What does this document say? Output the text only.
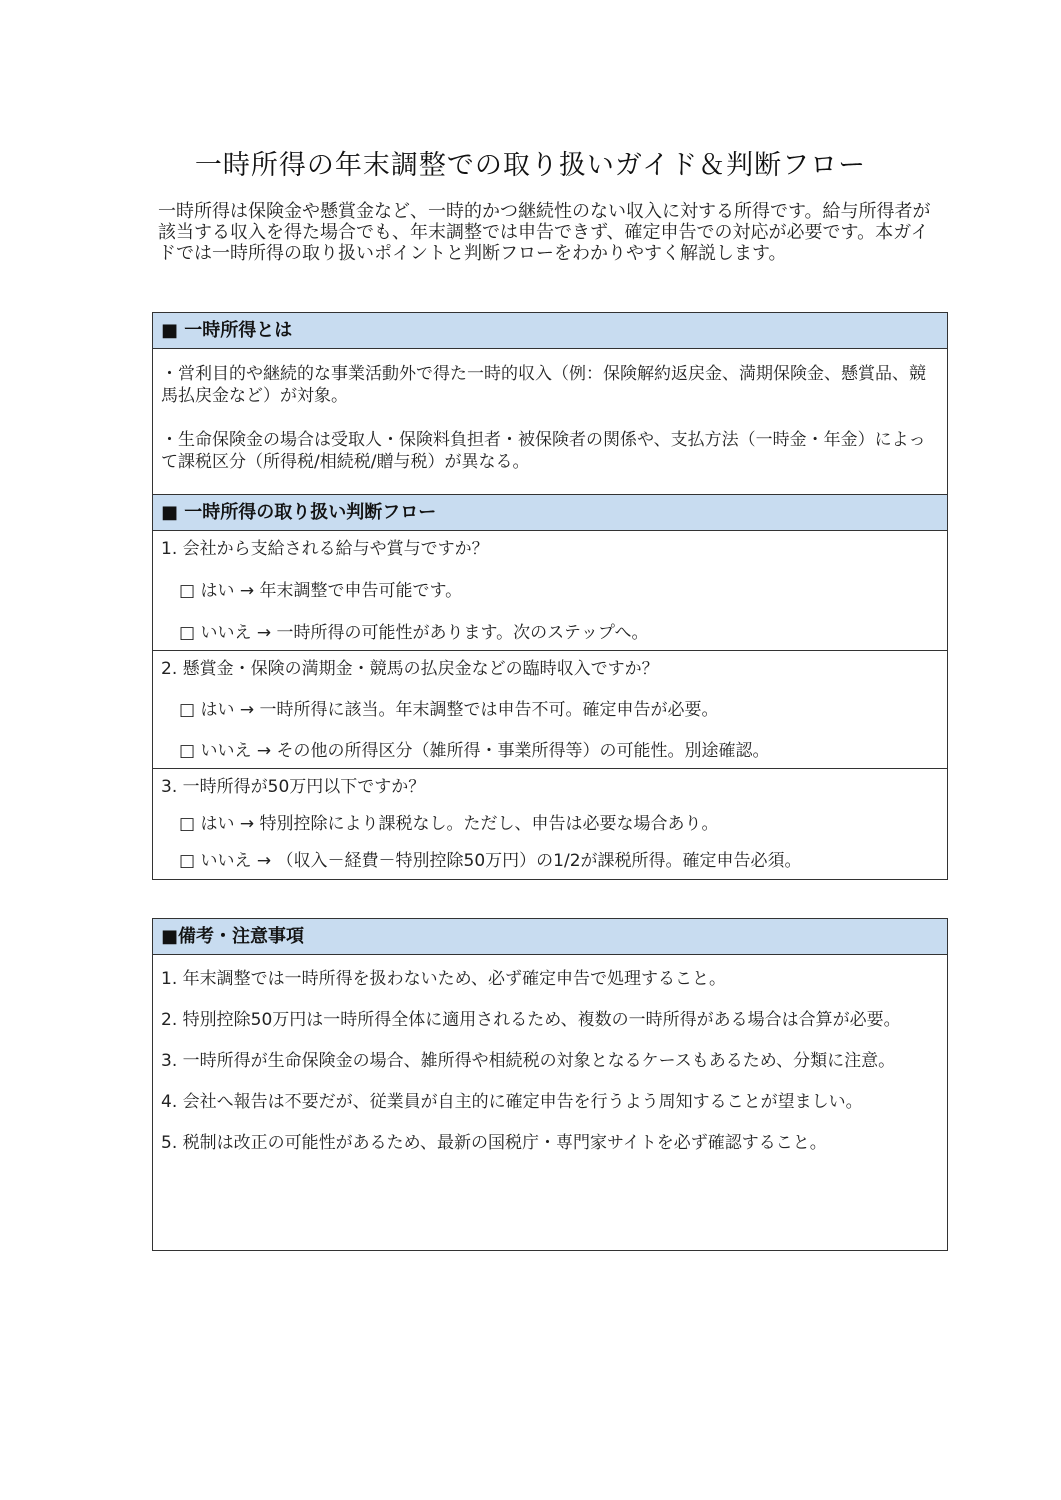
一時所得の年末調整での取り扱いガイド＆判断フロー
一時所得は保険金や懸賞金など、一時的かつ継続性のない収入に対する所得です。給与所得者が該当する収入を得た場合でも、年末調整では申告できず、確定申告での対応が必要です。本ガイドでは一時所得の取り扱いポイントと判断フローをわかりやすく解説します。
■ 一時所得とは

・営利目的や継続的な事業活動外で得た一時的収入（例：保険解約返戻金、満期保険金、懸賞品、競馬払戻金など）が対象。

・生命保険金の場合は受取人・保険料負担者・被保険者の関係や、支払方法（一時金・年金）によって課税区分（所得税/相続税/贈与税）が異なる。

■ 一時所得の取り扱い判断フロー
1. 会社から支給される給与や賞与ですか？
□ はい → 年末調整で申告可能です。
□ いいえ → 一時所得の可能性があります。次のステップへ。
2. 懸賞金・保険の満期金・競馬の払戻金などの臨時収入ですか？
□ はい → 一時所得に該当。年末調整では申告不可。確定申告が必要。
□ いいえ → その他の所得区分（雑所得・事業所得等）の可能性。別途確認。
3. 一時所得が50万円以下ですか？
□ はい → 特別控除により課税なし。ただし、申告は必要な場合あり。
□ いいえ → （収入－経費－特別控除50万円）の1/2が課税所得。確定申告必須。
■備考・注意事項

1. 年末調整では一時所得を扱わないため、必ず確定申告で処理すること。

2. 特別控除50万円は一時所得全体に適用されるため、複数の一時所得がある場合は合算が必要。

3. 一時所得が生命保険金の場合、雑所得や相続税の対象となるケースもあるため、分類に注意。

4. 会社へ報告は不要だが、従業員が自主的に確定申告を行うよう周知することが望ましい。

5. 税制は改正の可能性があるため、最新の国税庁・専門家サイトを必ず確認すること。
